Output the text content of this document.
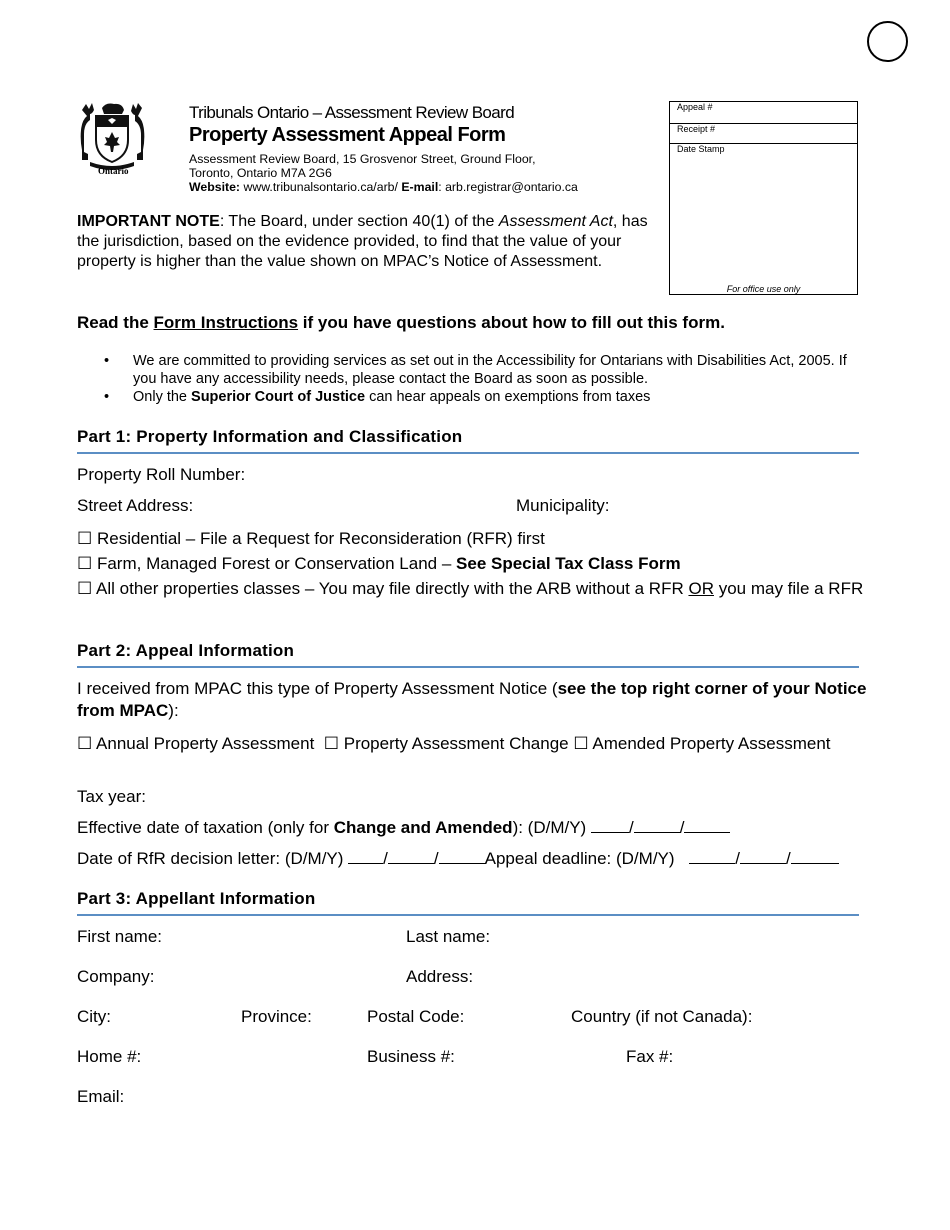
Ontario
Tribunals Ontario – Assessment Review Board
Property Assessment Appeal Form
Assessment Review Board, 15 Grosvenor Street, Ground Floor,
Toronto, Ontario M7A 2G6
Website: www.tribunalsontario.ca/arb/ E-mail: arb.registrar@ontario.ca
Appeal #
Receipt #
Date Stamp
For office use only
IMPORTANT NOTE: The Board, under section 40(1) of the Assessment Act, has the jurisdiction, based on the evidence provided, to find that the value of your property is higher than the value shown on MPAC’s Notice of Assessment.
Read the Form Instructions if you have questions about how to fill out this form.
• We are committed to providing services as set out in the Accessibility for Ontarians with Disabilities Act, 2005. If you have any accessibility needs, please contact the Board as soon as possible.
• Only the Superior Court of Justice can hear appeals on exemptions from taxes
Part 1: Property Information and Classification
Property Roll Number:
Street Address:	Municipality:
☐ Residential – File a Request for Reconsideration (RFR) first
☐ Farm, Managed Forest or Conservation Land – See Special Tax Class Form
☐ All other properties classes – You may file directly with the ARB without a RFR OR you may file a RFR
Part 2: Appeal Information
I received from MPAC this type of Property Assessment Notice (see the top right corner of your Notice from MPAC):
☐ Annual Property Assessment ☐ Property Assessment Change ☐ Amended Property Assessment
Tax year:
Effective date of taxation (only for Change and Amended): (D/M/Y) /	/
Date of RfR decision letter: (D/M/Y) /	/	Appeal deadline: (D/M/Y)	/	/
Part 3: Appellant Information
First name:	Last name:
Company:	Address:
City:	Province:	Postal Code:	Country (if not Canada):
Home #:	Business #:	Fax #:
Email:
